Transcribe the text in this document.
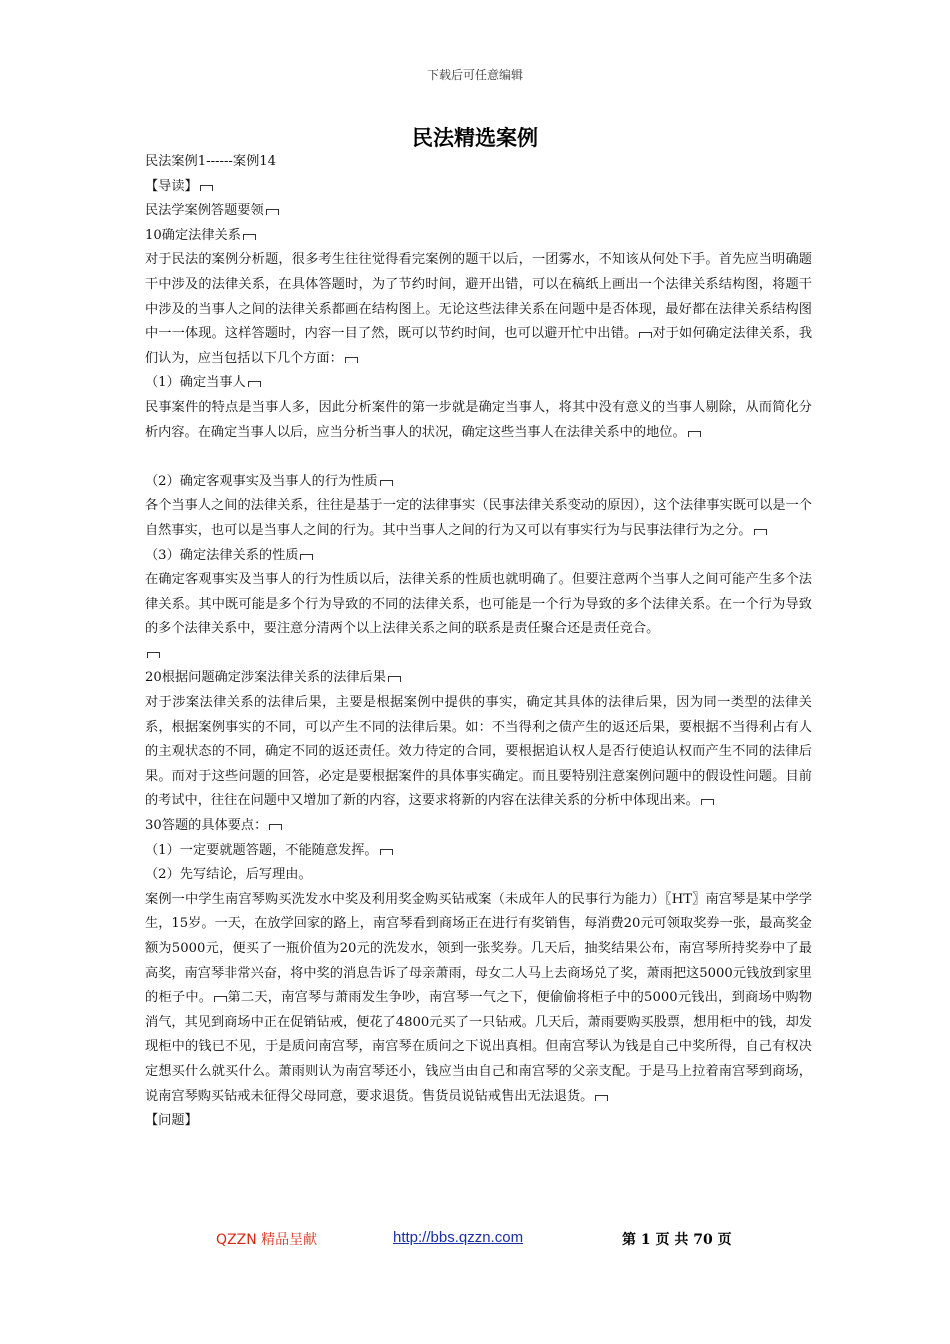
下载后可任意编辑
民法精选案例

民法案例1------案例14

【导读】

民法学案例答题要领

10确定法律关系

对于民法的案例分析题，很多考生往往觉得看完案例的题干以后，一团雾水，不知该从何处下手。首先应当明确题干中涉及的法律关系，在具体答题时，为了节约时间，避开出错，可以在稿纸上画出一个法律关系结构图，将题干中涉及的当事人之间的法律关系都画在结构图上。无论这些法律关系在问题中是否体现，最好都在法律关系结构图中一一体现。这样答题时，内容一目了然，既可以节约时间，也可以避开忙中出错。 对于如何确定法律关系，我们认为，应当包括以下几个方面：

（1）确定当事人

民事案件的特点是当事人多，因此分析案件的第一步就是确定当事人，将其中没有意义的当事人剔除，从而简化分析内容。在确定当事人以后，应当分析当事人的状况，确定这些当事人在法律关系中的地位。

（2）确定客观事实及当事人的行为性质

各个当事人之间的法律关系，往往是基于一定的法律事实（民事法律关系变动的原因），这个法律事实既可以是一个自然事实，也可以是当事人之间的行为。其中当事人之间的行为又可以有事实行为与民事法律行为之分。

（3）确定法律关系的性质

在确定客观事实及当事人的行为性质以后，法律关系的性质也就明确了。但要注意两个当事人之间可能产生多个法律关系。其中既可能是多个行为导致的不同的法律关系，也可能是一个行为导致的多个法律关系。在一个行为导致的多个法律关系中，要注意分清两个以上法律关系之间的联系是责任聚合还是责任竞合。

20根据问题确定涉案法律关系的法律后果

对于涉案法律关系的法律后果，主要是根据案例中提供的事实，确定其具体的法律后果，因为同一类型的法律关系，根据案例事实的不同，可以产生不同的法律后果。如：不当得利之债产生的返还后果，要根据不当得利占有人的主观状态的不同，确定不同的返还责任。效力待定的合同，要根据追认权人是否行使追认权而产生不同的法律后果。而对于这些问题的回答，必定是要根据案件的具体事实确定。而且要特别注意案例问题中的假设性问题。目前的考试中，往往在问题中又增加了新的内容，这要求将新的内容在法律关系的分析中体现出来。

30答题的具体要点：

（1）一定要就题答题，不能随意发挥。

（2）先写结论，后写理由。

案例一中学生南宫琴购买洗发水中奖及利用奖金购买钻戒案（未成年人的民事行为能力）〖HT〗南宫琴是某中学学生，15岁。一天，在放学回家的路上，南宫琴看到商场正在进行有奖销售，每消费20元可领取奖券一张，最高奖金额为5000元，便买了一瓶价值为20元的洗发水，领到一张奖券。几天后，抽奖结果公布，南宫琴所持奖券中了最高奖，南宫琴非常兴奋，将中奖的消息告诉了母亲萧雨，母女二人马上去商场兑了奖，萧雨把这5000元钱放到家里的柜子中。 第二天，南宫琴与萧雨发生争吵，南宫琴一气之下，便偷偷将柜子中的5000元钱出，到商场中购物消气，其见到商场中正在促销钻戒，便花了4800元买了一只钻戒。几天后，萧雨要购买股票，想用柜中的钱，却发现柜中的钱已不见，于是质问南宫琴，南宫琴在质问之下说出真相。但南宫琴认为钱是自己中奖所得，自己有权决定想买什么就买什么。萧雨则认为南宫琴还小，钱应当由自己和南宫琴的父亲支配。于是马上拉着南宫琴到商场，说南宫琴购买钻戒未征得父母同意，要求退货。售货员说钻戒售出无法退货。

【问题】

QZZN 精品呈献	http://bbs.qzzn.com	第 1 页 共 70 页
